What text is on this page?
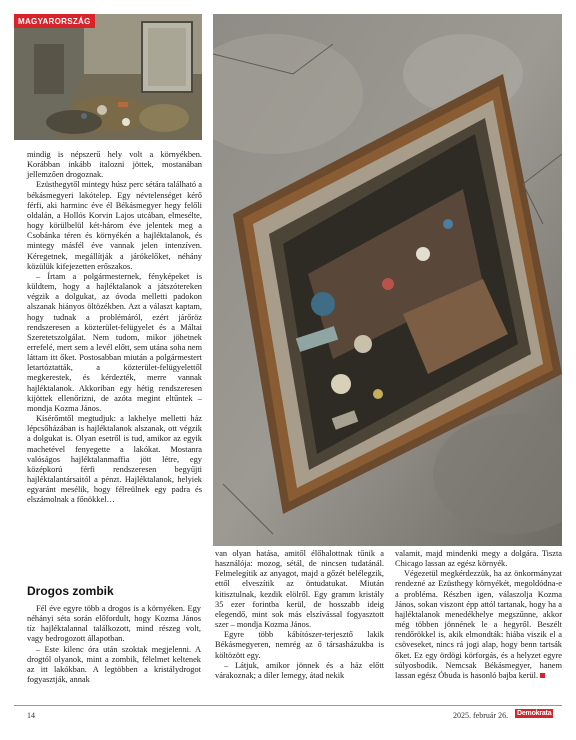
MAGYARORSZÁG

mindig is népszerű hely volt a környékben. Korábban inkább italozni jöttek, mostanában jellemzően drogoznak.

Ezüsthegytől mintegy húsz perc sétára található a békásmegyeri lakótelep. Egy névtelenséget kérő férfi, aki harminc éve él Békásmegyer hegy felőli oldalán, a Hollós Korvin Lajos utcában, elmesélte, hogy körülbelül két-három éve jelentek meg a Csobánka téren és környékén a hajléktalanok, és mintegy másfél éve vannak jelen intenzíven. Kéregetnek, megállítják a járókelőket, néhány közülük kifejezetten erőszakos.

– Írtam a polgármesternek, fényképeket is küldtem, hogy a hajléktalanok a játszótereken végzik a dolgukat, az óvoda melletti padokon alszanak hiányos öltözékben. Azt a választ kaptam, hogy tudnak a problémáról, ezért járőröz rendszeresen a közterület-felügyelet és a Máltai Szeretetszolgálat. Nem tudom, mikor jöhetnek errefelé, mert sem a levél előtt, sem utána soha nem láttam itt őket. Postosabban miután a polgármestert letartóztatták, a közterület-felügyelettől megkerestek, és kérdezték, merre vannak hajléktalanok. Akkoriban egy hétig rendszeresen kijöttek ellenőrizni, de azóta megint eltűntek – mondja Kozma János.

Kísérőmtől megtudjuk: a lakhelye melletti ház lépcsőházában is hajléktalanok alszanak, ott végzik a dolgukat is. Olyan esetről is tud, amikor az egyik machetével fenyegette a lakókat. Mostanra valóságos hajléktalanmaffia jött létre, egy középkorú férfi rendszeresen begyűjti hajléktalantársaitól a pénzt. Hajléktalanok, helyiek egyaránt mesélik, hogy félreülnek egy padra és elszámolnak a főnökkel…

Drogos zombik

Fél éve egyre több a drogos is a környéken. Egy néhányi séta során előfordult, hogy Kozma János tíz hajléktalannal találkozott, mind részeg volt, vagy bedrogozott állapotban.

– Este kilenc óra után szoktak megjelenni. A drogtól olyanok, mint a zombik, félelmet keltenek az itt lakókban. A legtöbben a kristálydrogot fogyasztják, annak

van olyan hatása, amitől élőhalottnak tűnik a használója: mozog, sétál, de nincsen tudatánál. Felmelegítik az anyagot, majd a gőzét belélegzik, ettől elveszítik az öntudatukat. Miután kitisztulnak, kezdik elölről. Egy gramm kristály 35 ezer forintba kerül, de hosszabb ideig elegendő, mint sok más elszívással fogyasztott szer – mondja Kozma János.

Egyre több kábítószer-terjesztő lakik Békásmegyeren, nemrég az ő társasházukba is költözött egy.

– Látjuk, amikor jönnek és a ház előtt várakoznak; a díler lemegy, átad nekik

valamit, majd mindenki megy a dolgára. Tiszta Chicago lassan az egész környék.

Végezetül megkérdezzük, ha az önkormányzat rendezné az Ezüsthegy környékét, megoldódna-e a probléma. Részben igen, válaszolja Kozma János, sokan viszont épp attól tartanak, hogy ha a hajléktalanok menedékhelye megszűnne, akkor még többen jönnének le a hegyről. Beszélt rendőrökkel is, akik elmondták: hiába viszik el a csöveseket, nincs rá jogi alap, hogy benn tartsák őket. Ez egy ördögi körforgás, és a helyzet egyre súlyosbodik. Nemcsak Békásmegyer, hanem lassan egész Óbuda is hasonló bajba kerül.

14	2025. február 26. Demokrata
